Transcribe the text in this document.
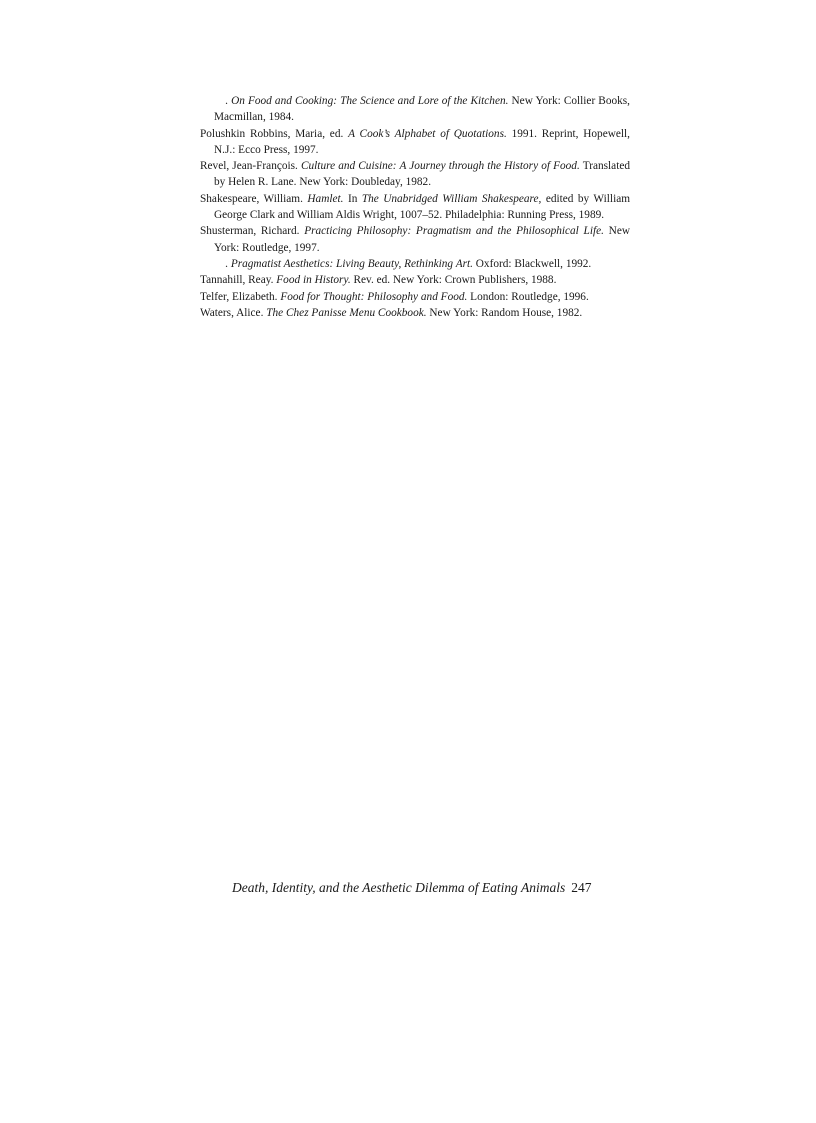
. On Food and Cooking: The Science and Lore of the Kitchen. New York: Collier Books, Macmillan, 1984.

Polushkin Robbins, Maria, ed. A Cook’s Alphabet of Quotations. 1991. Reprint, Hopewell, N.J.: Ecco Press, 1997.

Revel, Jean-François. Culture and Cuisine: A Journey through the History of Food. Translated by Helen R. Lane. New York: Doubleday, 1982.

Shakespeare, William. Hamlet. In The Unabridged William Shakespeare, edited by William George Clark and William Aldis Wright, 1007–52. Philadelphia: Running Press, 1989.

Shusterman, Richard. Practicing Philosophy: Pragmatism and the Philosophical Life. New York: Routledge, 1997.

. Pragmatist Aesthetics: Living Beauty, Rethinking Art. Oxford: Blackwell, 1992.

Tannahill, Reay. Food in History. Rev. ed. New York: Crown Publishers, 1988.

Telfer, Elizabeth. Food for Thought: Philosophy and Food. London: Routledge, 1996.

Waters, Alice. The Chez Panisse Menu Cookbook. New York: Random House, 1982.

Death, Identity, and the Aesthetic Dilemma of Eating Animals 247
